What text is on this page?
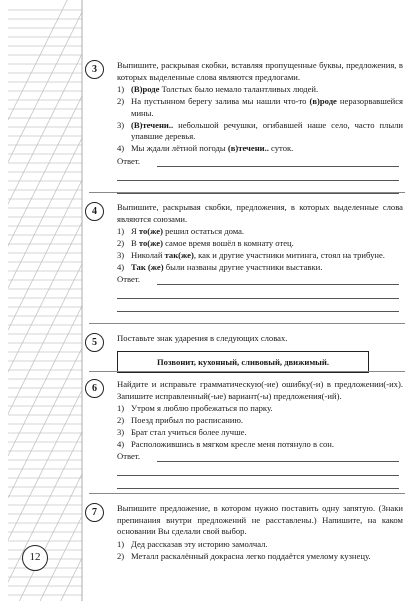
12
3	Выпишите, раскрывая скобки, вставляя пропущенные буквы, предложения, в которых выделенные слова являются предлогами.

1) (В)роде Толстых было немало талантливых людей.
2) На пустынном берегу залива мы нашли что-то (в)роде неразорвавшейся мины.
3) (В)течени.. небольшой речушки, огибавшей наше село, часто плыли упавшие деревья.
4) Мы ждали лётной погоды (в)течени.. суток.
Ответ.
4	Выпишите, раскрывая скобки, предложения, в которых выделенные слова являются союзами.

1) Я то(же) решил остаться дома.
2) В то(же) самое время вошёл в комнату отец.
3) Николай так(же), как и другие участники митинга, стоял на трибуне.
4) Так (же) были названы другие участники выставки.
Ответ.
5	Поставьте знак ударения в следующих словах.

Позвонит, кухонный, сливовый, движимый.
6	Найдите и исправьте грамматическую(-ие) ошибку(-и) в предложении(-их). Запишите исправленный(-ые) вариант(-ы) предложения(-ий).

1) Утром я люблю пробежаться по парку.
2) Поезд прибыл по расписанию.
3) Брат стал учиться более лучше.
4) Расположившись в мягком кресле меня потянуло в сон.
Ответ.
7	Выпишите предложение, в котором нужно поставить одну запятую. (Знаки препинания внутри предложений не расставлены.) Напишите, на каком основании Вы сделали свой выбор.

1) Дед рассказав эту историю замолчал.
2) Металл раскалённый докрасна легко поддаётся умелому кузнецу.
